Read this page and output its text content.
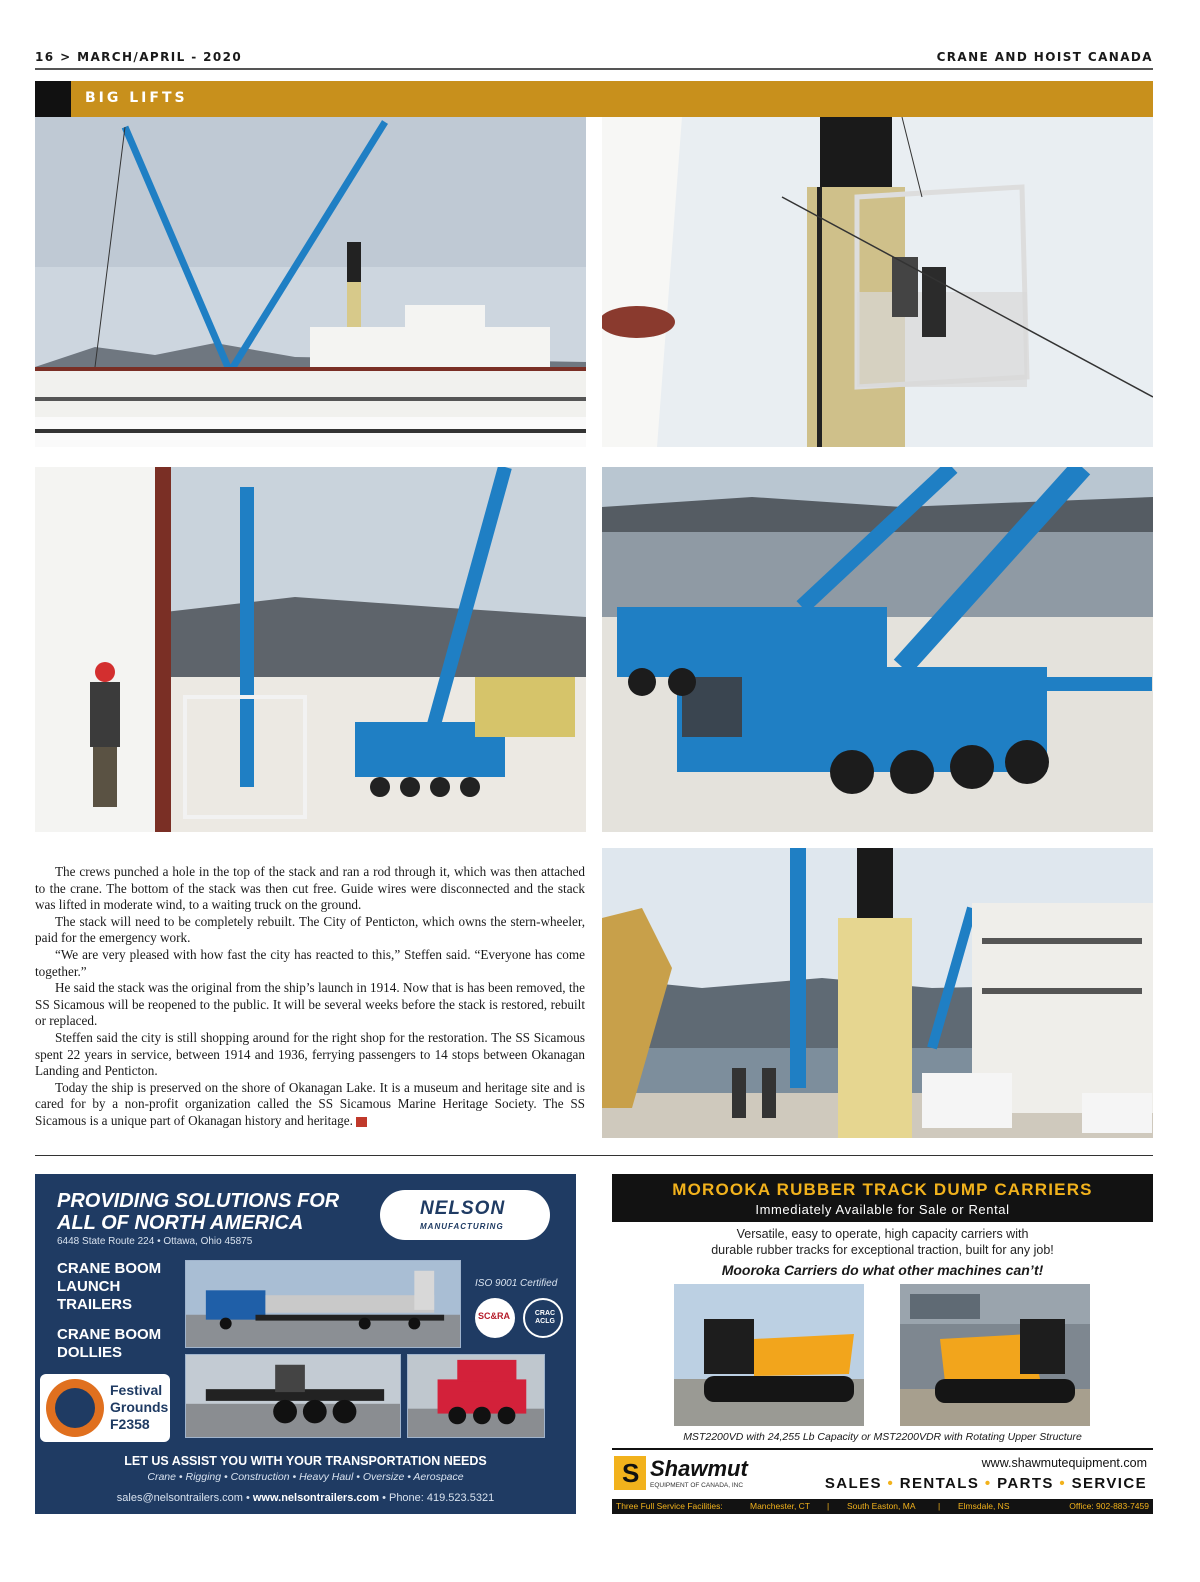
16 > MARCH/APRIL - 2020	CRANE AND HOIST CANADA
BIG LIFTS

The crews punched a hole in the top of the stack and ran a rod through it, which was then attached to the crane. The bottom of the stack was then cut free. Guide wires were disconnected and the stack was lifted in moderate wind, to a waiting truck on the ground.

The stack will need to be completely rebuilt. The City of Penticton, which owns the stern-wheeler, paid for the emergency work.

“We are very pleased with how fast the city has reacted to this,” Steffen said. “Everyone has come together.”

He said the stack was the original from the ship’s launch in 1914. Now that is has been removed, the SS Sicamous will be reopened to the public. It will be several weeks before the stack is restored, rebuilt or replaced.

Steffen said the city is still shopping around for the right shop for the restoration. The SS Sicamous spent 22 years in service, between 1914 and 1936, ferrying passengers to 14 stops between Okanagan Landing and Penticton.

Today the ship is preserved on the shore of Okanagan Lake. It is a museum and heritage site and is cared for by a non-profit organization called the SS Sicamous Marine Heritage Society. The SS Sicamous is a unique part of Okanagan history and heritage.

PROVIDING SOLUTIONS FOR ALL OF NORTH AMERICA
6448 State Route 224 • Ottawa, Ohio 45875
NELSON
MANUFACTURING
CRANE BOOM LAUNCH TRAILERS
CRANE BOOM DOLLIES
ISO 9001 Certified
SC&RA	CRAC ACLG
Festival Grounds F2358
LET US ASSIST YOU WITH YOUR TRANSPORTATION NEEDS
Crane • Rigging • Construction • Heavy Haul • Oversize • Aerospace
sales@nelsontrailers.com • www.nelsontrailers.com • Phone: 419.523.5321
MOROOKA RUBBER TRACK DUMP CARRIERS
Immediately Available for Sale or Rental
Versatile, easy to operate, high capacity carriers with
durable rubber tracks for exceptional traction, built for any job!
Mooroka Carriers do what other machines can’t!
MST2200VD with 24,255 Lb Capacity or MST2200VDR with Rotating Upper Structure
S Shawmut
EQUIPMENT OF CANADA, INC
www.shawmutequipment.com
SALES • RENTALS • PARTS • SERVICE
Three Full Service Facilities:	Manchester, CT | South Easton, MA	| Elmsdale, NS	Office: 902-883-7459
